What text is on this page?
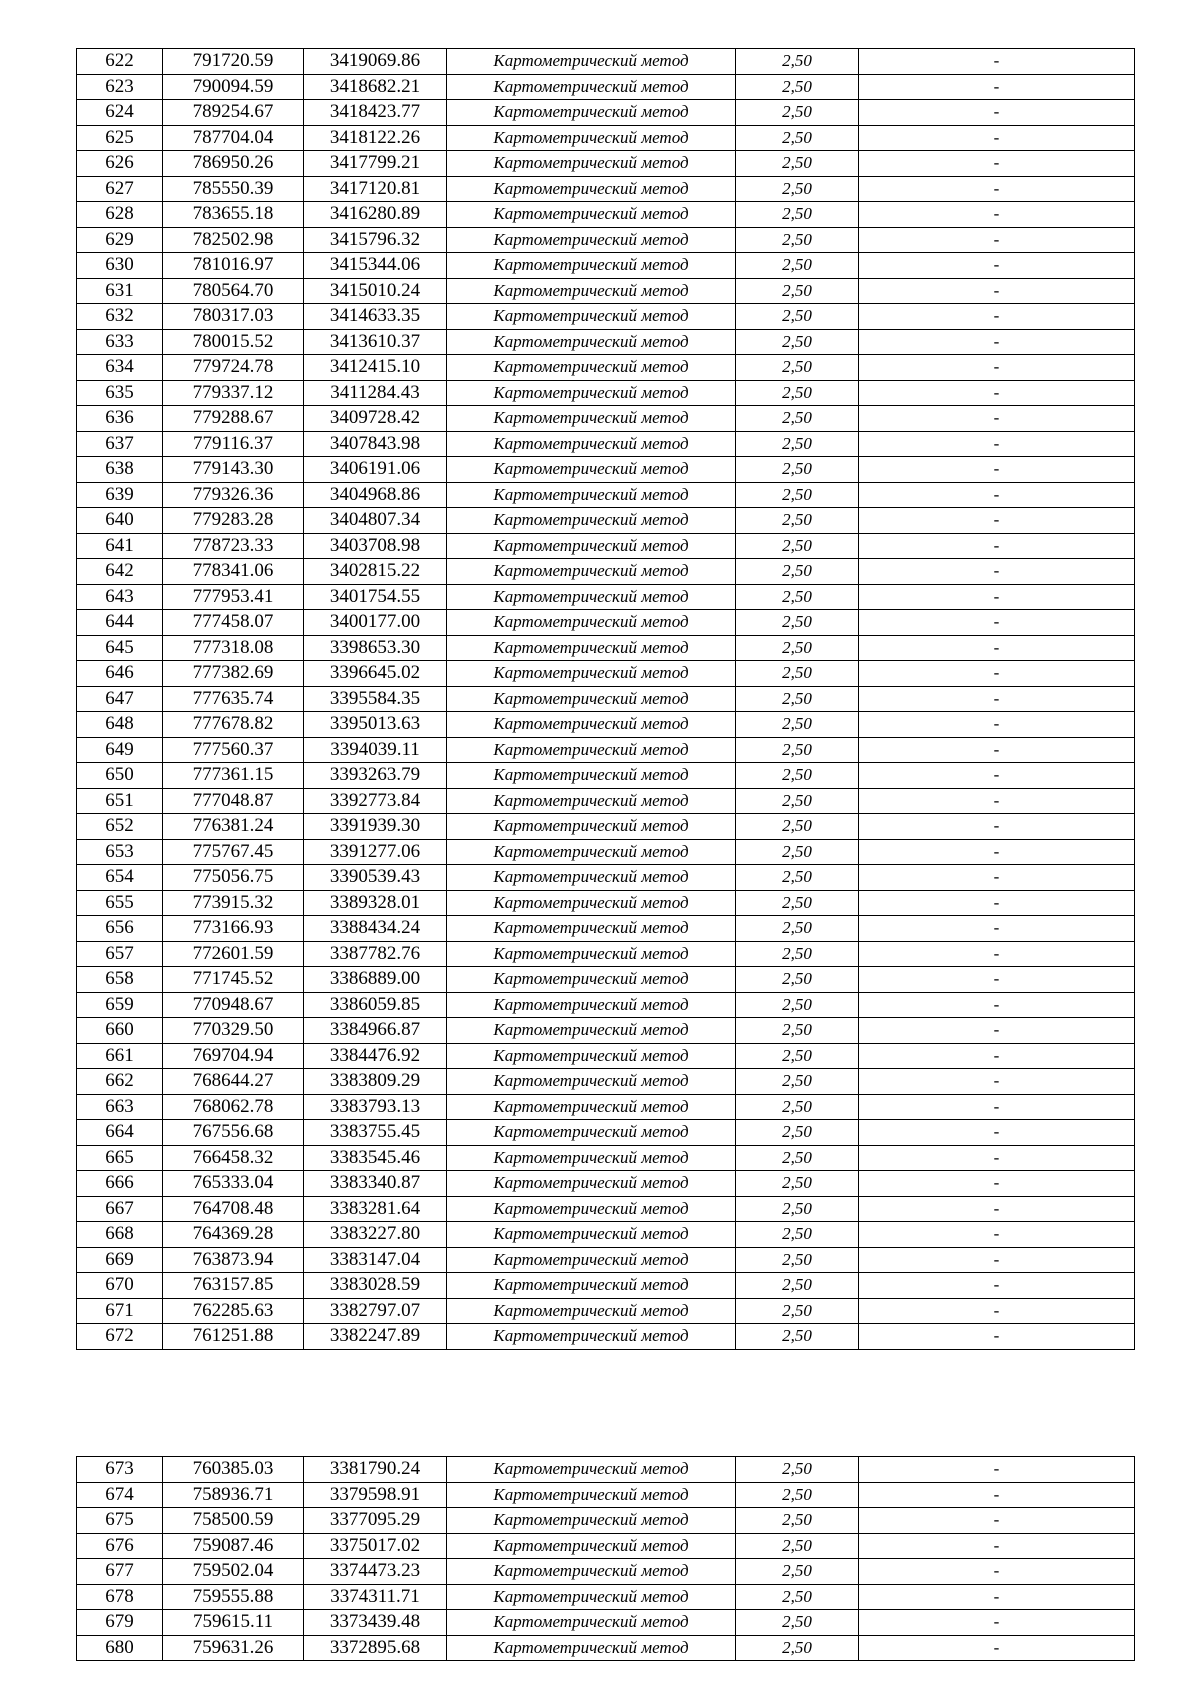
622	791720.59	3419069.86	Картометрический метод	2,50	-
623	790094.59	3418682.21	Картометрический метод	2,50	-
624	789254.67	3418423.77	Картометрический метод	2,50	-
625	787704.04	3418122.26	Картометрический метод	2,50	-
626	786950.26	3417799.21	Картометрический метод	2,50	-
627	785550.39	3417120.81	Картометрический метод	2,50	-
628	783655.18	3416280.89	Картометрический метод	2,50	-
629	782502.98	3415796.32	Картометрический метод	2,50	-
630	781016.97	3415344.06	Картометрический метод	2,50	-
631	780564.70	3415010.24	Картометрический метод	2,50	-
632	780317.03	3414633.35	Картометрический метод	2,50	-
633	780015.52	3413610.37	Картометрический метод	2,50	-
634	779724.78	3412415.10	Картометрический метод	2,50	-
635	779337.12	3411284.43	Картометрический метод	2,50	-
636	779288.67	3409728.42	Картометрический метод	2,50	-
637	779116.37	3407843.98	Картометрический метод	2,50	-
638	779143.30	3406191.06	Картометрический метод	2,50	-
639	779326.36	3404968.86	Картометрический метод	2,50	-
640	779283.28	3404807.34	Картометрический метод	2,50	-
641	778723.33	3403708.98	Картометрический метод	2,50	-
642	778341.06	3402815.22	Картометрический метод	2,50	-
643	777953.41	3401754.55	Картометрический метод	2,50	-
644	777458.07	3400177.00	Картометрический метод	2,50	-
645	777318.08	3398653.30	Картометрический метод	2,50	-
646	777382.69	3396645.02	Картометрический метод	2,50	-
647	777635.74	3395584.35	Картометрический метод	2,50	-
648	777678.82	3395013.63	Картометрический метод	2,50	-
649	777560.37	3394039.11	Картометрический метод	2,50	-
650	777361.15	3393263.79	Картометрический метод	2,50	-
651	777048.87	3392773.84	Картометрический метод	2,50	-
652	776381.24	3391939.30	Картометрический метод	2,50	-
653	775767.45	3391277.06	Картометрический метод	2,50	-
654	775056.75	3390539.43	Картометрический метод	2,50	-
655	773915.32	3389328.01	Картометрический метод	2,50	-
656	773166.93	3388434.24	Картометрический метод	2,50	-
657	772601.59	3387782.76	Картометрический метод	2,50	-
658	771745.52	3386889.00	Картометрический метод	2,50	-
659	770948.67	3386059.85	Картометрический метод	2,50	-
660	770329.50	3384966.87	Картометрический метод	2,50	-
661	769704.94	3384476.92	Картометрический метод	2,50	-
662	768644.27	3383809.29	Картометрический метод	2,50	-
663	768062.78	3383793.13	Картометрический метод	2,50	-
664	767556.68	3383755.45	Картометрический метод	2,50	-
665	766458.32	3383545.46	Картометрический метод	2,50	-
666	765333.04	3383340.87	Картометрический метод	2,50	-
667	764708.48	3383281.64	Картометрический метод	2,50	-
668	764369.28	3383227.80	Картометрический метод	2,50	-
669	763873.94	3383147.04	Картометрический метод	2,50	-
670	763157.85	3383028.59	Картометрический метод	2,50	-
671	762285.63	3382797.07	Картометрический метод	2,50	-
672	761251.88	3382247.89	Картометрический метод	2,50	-
673	760385.03	3381790.24	Картометрический метод	2,50	-
674	758936.71	3379598.91	Картометрический метод	2,50	-
675	758500.59	3377095.29	Картометрический метод	2,50	-
676	759087.46	3375017.02	Картометрический метод	2,50	-
677	759502.04	3374473.23	Картометрический метод	2,50	-
678	759555.88	3374311.71	Картометрический метод	2,50	-
679	759615.11	3373439.48	Картометрический метод	2,50	-
680	759631.26	3372895.68	Картометрический метод	2,50	-
